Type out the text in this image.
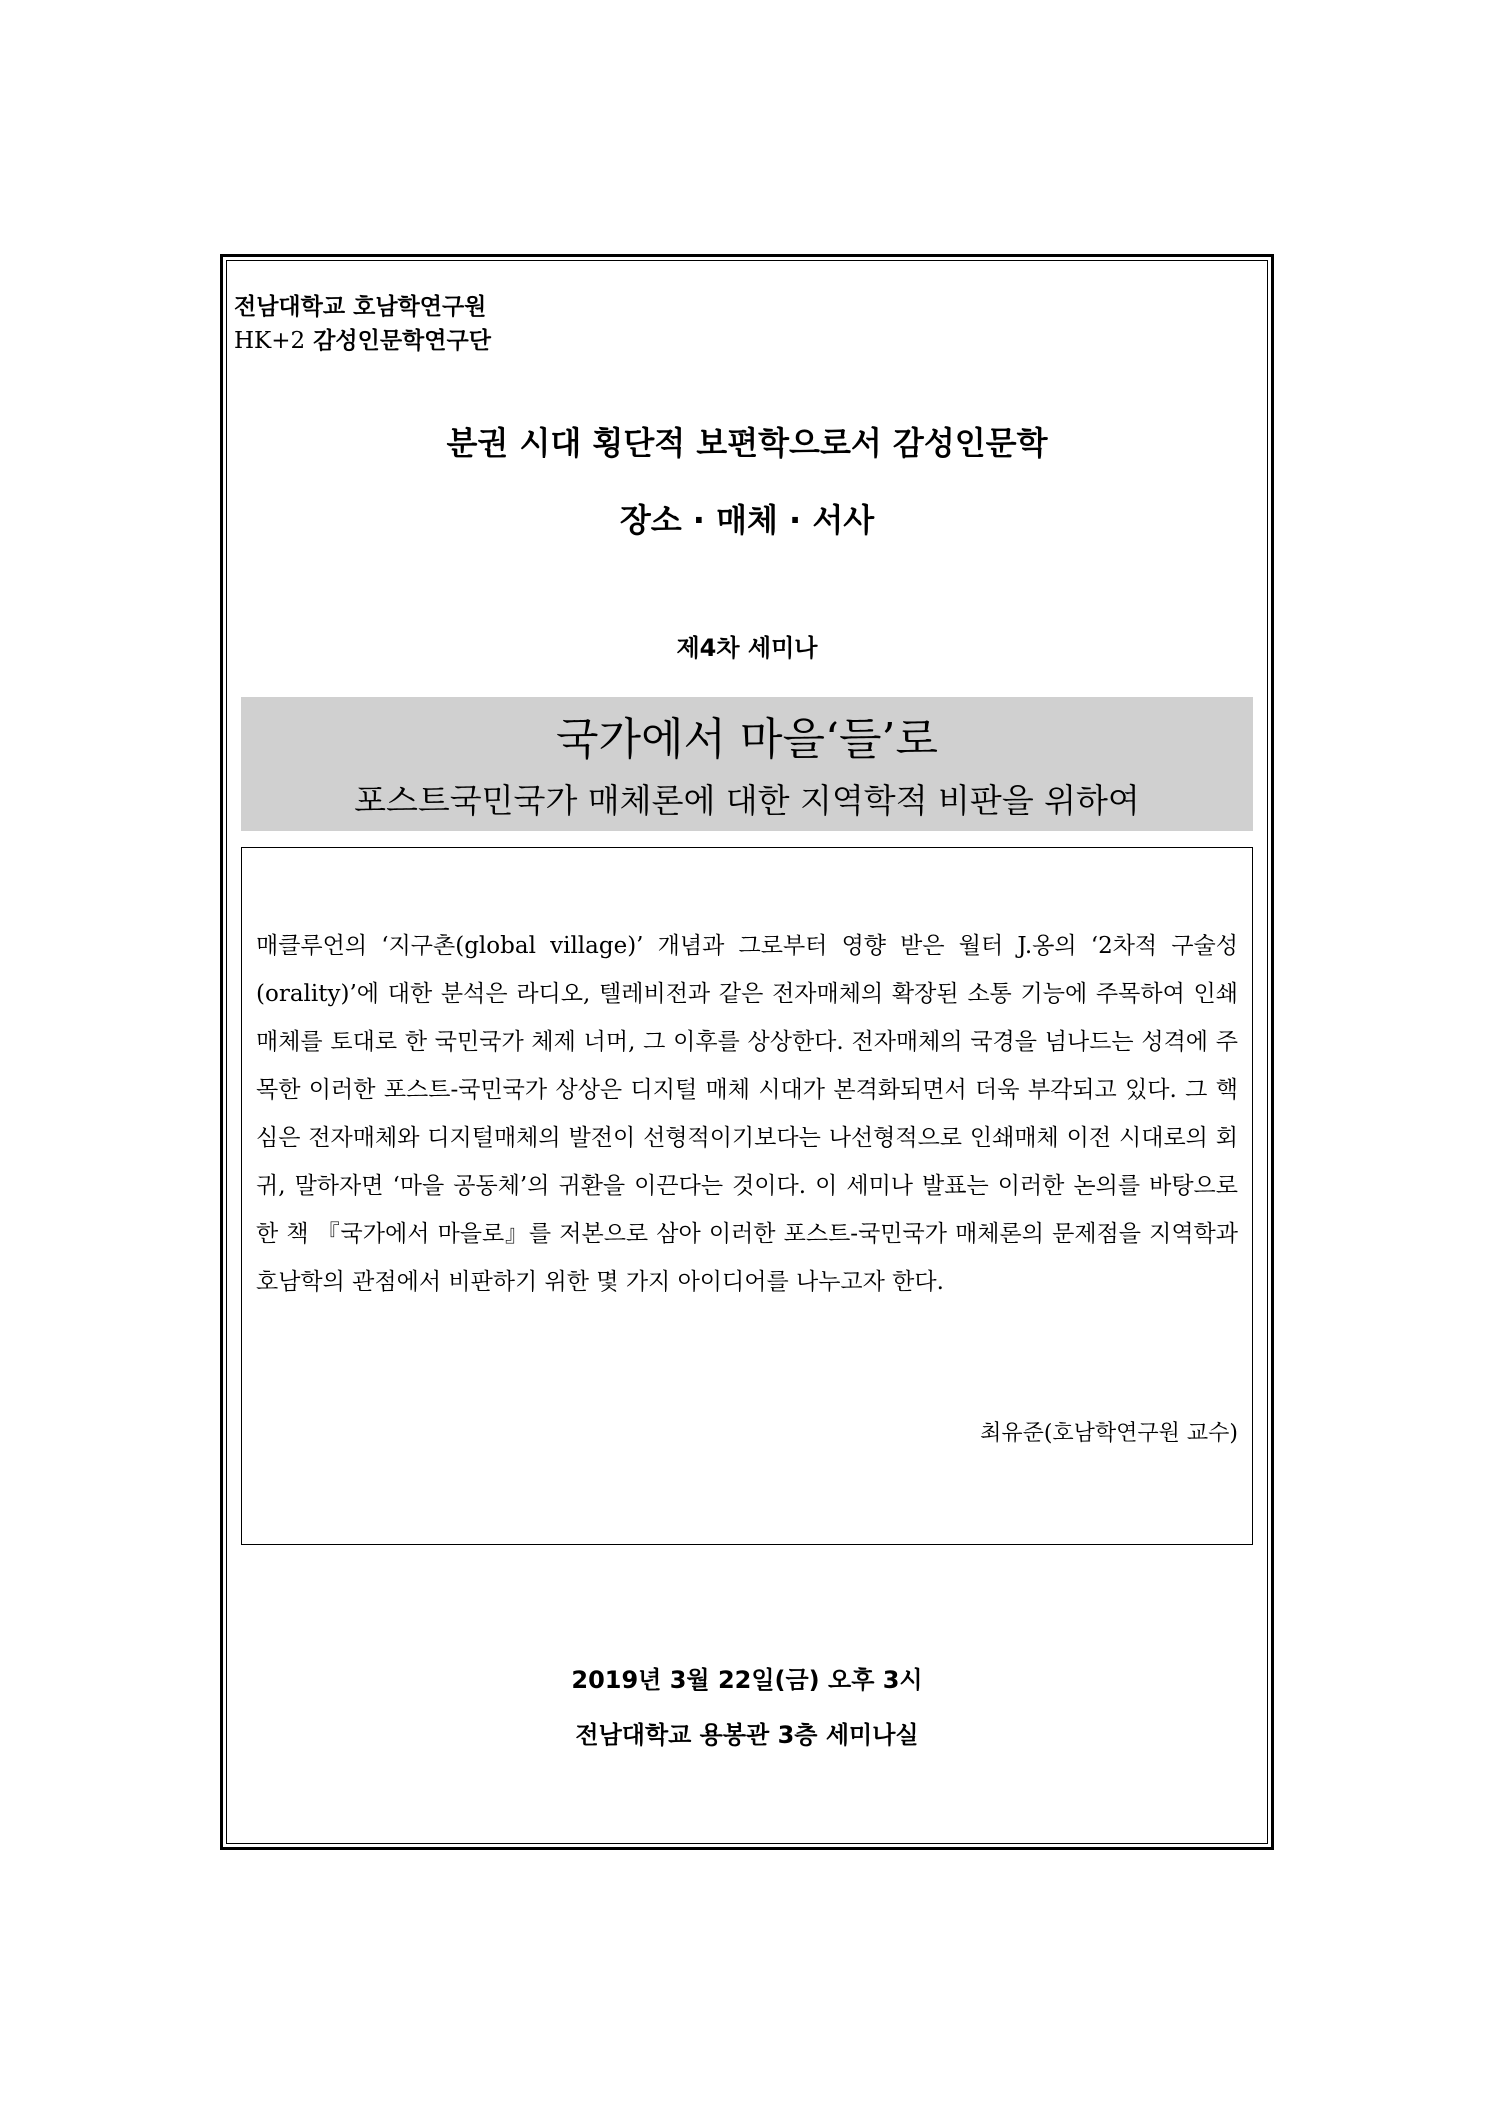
전남대학교 호남학연구원
HK+2 감성인문학연구단
분권 시대 횡단적 보편학으로서 감성인문학
장소 · 매체 · 서사
제4차 세미나
국가에서 마을‘들’로
포스트국민국가 매체론에 대한 지역학적 비판을 위하여
매클루언의 ‘지구촌(global village)’ 개념과 그로부터 영향 받은 월터 J.옹의 ‘2차적 구술성(orality)’에 대한 분석은 라디오, 텔레비전과 같은 전자매체의 확장된 소통 기능에 주목하여 인쇄매체를 토대로 한 국민국가 체제 너머, 그 이후를 상상한다. 전자매체의 국경을 넘나드는 성격에 주목한 이러한 포스트-국민국가 상상은 디지털 매체 시대가 본격화되면서 더욱 부각되고 있다. 그 핵심은 전자매체와 디지털매체의 발전이 선형적이기보다는 나선형적으로 인쇄매체 이전 시대로의 회귀, 말하자면 ‘마을 공동체’의 귀환을 이끈다는 것이다. 이 세미나 발표는 이러한 논의를 바탕으로 한 책 『국가에서 마을로』를 저본으로 삼아 이러한 포스트-국민국가 매체론의 문제점을 지역학과 호남학의 관점에서 비판하기 위한 몇 가지 아이디어를 나누고자 한다.
최유준(호남학연구원 교수)
2019년 3월 22일(금) 오후 3시
전남대학교 용봉관 3층 세미나실
